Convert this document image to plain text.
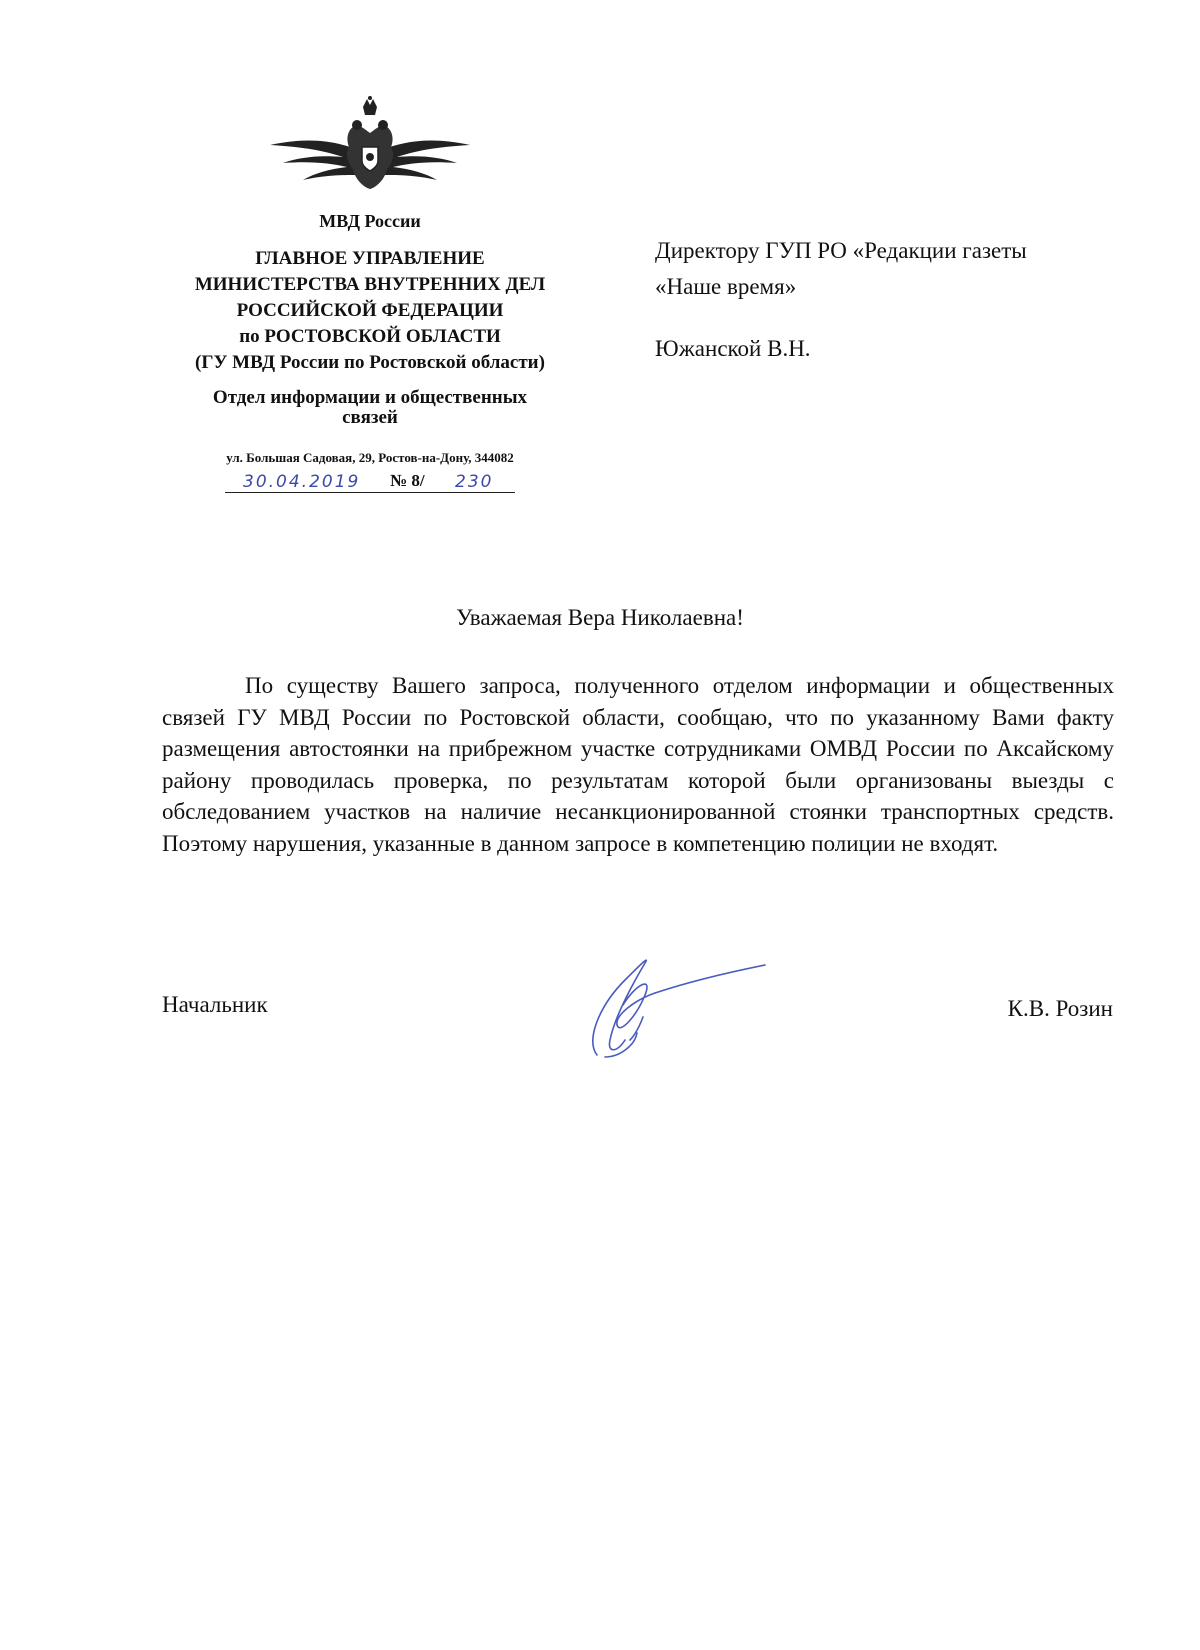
МВД России
ГЛАВНОЕ УПРАВЛЕНИЕ
МИНИСТЕРСТВА ВНУТРЕННИХ ДЕЛ
РОССИЙСКОЙ ФЕДЕРАЦИИ
по РОСТОВСКОЙ ОБЛАСТИ
(ГУ МВД России по Ростовской области)
Отдел информации и общественных
связей
ул. Большая Садовая, 29, Ростов-на-Дону, 344082
30.04.2019 № 8/ 230
Директору ГУП РО «Редакции газеты
«Наше время»
Южанской В.Н.
Уважаемая Вера Николаевна!

По существу Вашего запроса, полученного отделом информации и общественных связей ГУ МВД России по Ростовской области, сообщаю, что по указанному Вами факту размещения автостоянки на прибрежном участке сотрудниками ОМВД России по Аксайскому району проводилась проверка, по результатам которой были организованы выезды с обследованием участков на наличие несанкционированной стоянки транспортных средств. Поэтому нарушения, указанные в данном запросе в компетенцию полиции не входят.

Начальник	К.В. Розин
